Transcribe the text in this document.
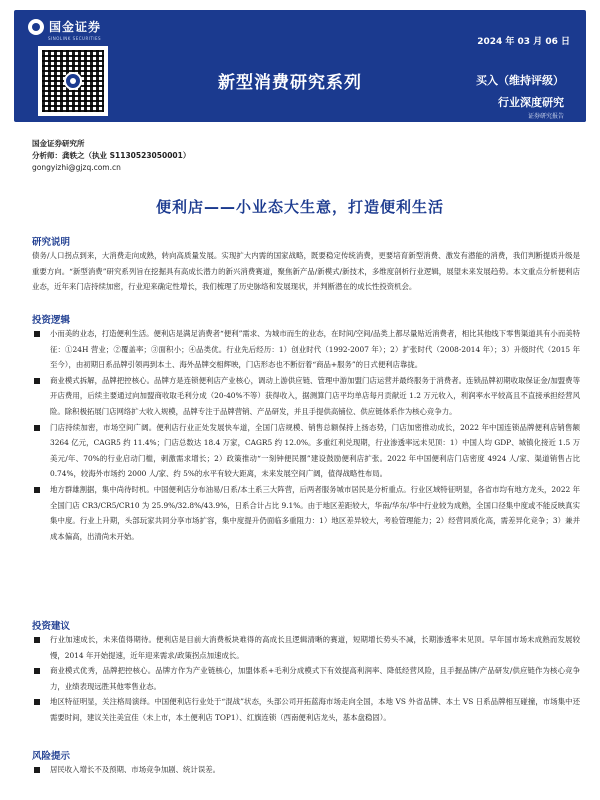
国金证券
SINOLINK SECURITIES	2024 年 03 月 06 日
新型消费研究系列	买入（维持评级）
行业深度研究
证券研究报告
国金证券研究所
分析师：龚轶之（执业 S1130523050001）
gongyizhi@gjzq.com.cn
便利店——小业态大生意，打造便利生活
研究说明
债务/人口拐点到来，大消费走向成熟，转向高质量发展。实现扩大内需的国家战略，既要稳定传统消费，更要培育新型消费、激发有潜能的消费，我们判断提质升级是重要方向。“新型消费”研究系列旨在挖掘具有高成长潜力的新兴消费赛道，聚焦新产品/新模式/新技术，多维度剖析行业逻辑，展望未来发展趋势。本文重点分析便利店业态，近年来门店持续加密，行业迎来确定性增长，我们梳理了历史脉络和发展现状，并判断潜在的成长性投资机会。
投资逻辑
小而美的业态，打造便利生活。便利店是满足消费者“便利”需求、为城市而生的业态，在时间/空间/品类上都尽量贴近消费者，相比其他线下零售渠道具有小而美特征：①24H 营业；②覆盖率；③面积小；④品类优。行业先后经历：1）创业时代（1992-2007 年）；2）扩张时代（2008-2014 年）；3）升级时代（2015 年至今），由初期日系品牌引领再到本土、海外品牌交相辉映，门店形态也不断衍着“商品+服务”的日式便利店靠拢。
商业模式拆解，品牌把控核心。品牌方是连锁便利店产业核心，调动上游供应链、管理中游加盟门店运营并最终服务于消费者。连锁品牌初期收取保证金/加盟费等开店费用，后续主要通过向加盟商收取毛利分成（20-40%不等）获得收入，据测算门店平均单店每月贡献近 1.2 万元收入，利润率水平较高且不直接承担经营风险。除积极拓展门店网络扩大收入规模，品牌专注于品牌营销、产品研发，并且手提供高铺位、供应链体系作为核心竞争力。
门店持续加密，市场空间广阔。便利店行业正处发展快车道，全国门店规模、销售总额保持上扬态势，门店加密推动成长，2022 年中国连锁品牌便利店销售额 3264 亿元，CAGR5 约 11.4%；门店总数达 18.4 万家，CAGR5 约 12.0%。多重红利兑现期，行业渗透率远未见顶：1）中国人均 GDP、城镇化接近 1.5 万美元/年、70%的行业启动门槛，刺激需求增长；2）政策推动“一刻钟便民圈”建设鼓励便利店扩张。2022 年中国便利店门店密度 4924 人/家、渠道销售占比 0.74%，较海外市场约 2000 人/家、约 5%的水平有较大距离，未来发展空间广阔，值得战略性布局。
地方群雄割据，集中尚待时机。中国便利店分布油易/日系/本土系三大阵营，后两者服务城市居民是分析重点。行业区域特征明显，各省市均有地方龙头，2022 年全国门店 CR3/CR5/CR10 为 25.9%/32.8%/43.9%，日系合计占比 9.1%。由于地区差距较大，华南/华东/华中行业较为成熟，全国口径集中度或不能反映真实集中度。行业上升期，头部玩家共同分享市场扩容，集中度提升仍面临多重阻力：1）地区差异较大，考验管理能力；2）经营同质化高，需差异化竞争；3）兼并成本偏高，出清尚未开始。
投资建议
行业加速成长，未来值得期待。便利店是目前大消费板块难得的高成长且逻辑清晰的赛道，短期增长势头不减，长期渗透率未见顶。早年国市场未成熟而发展较慢，2014 年开始提速，近年迎来需求/政策拐点加速成长。
商业模式优秀，品牌把控核心。品牌方作为产业链核心，加盟体系+毛利分成模式下有效提高利润率、降低经营风险，且手握品牌/产品研发/供应链作为核心竞争力，业绩表现远胜其他零售业态。
地区特征明显，关注格局演绎。中国便利店行业处于“混战”状态，头部公司开拓蓝海市场走向全国，本地 VS 外省品牌、本土 VS 日系品牌相互碰撞，市场集中还需要时间，建议关注美宜佳（未上市，本土便利店 TOP1）、红旗连锁（西南便利店龙头，基本盘稳固）。
风险提示
居民收入增长不及预期、市场竞争加剧、统计误差。
